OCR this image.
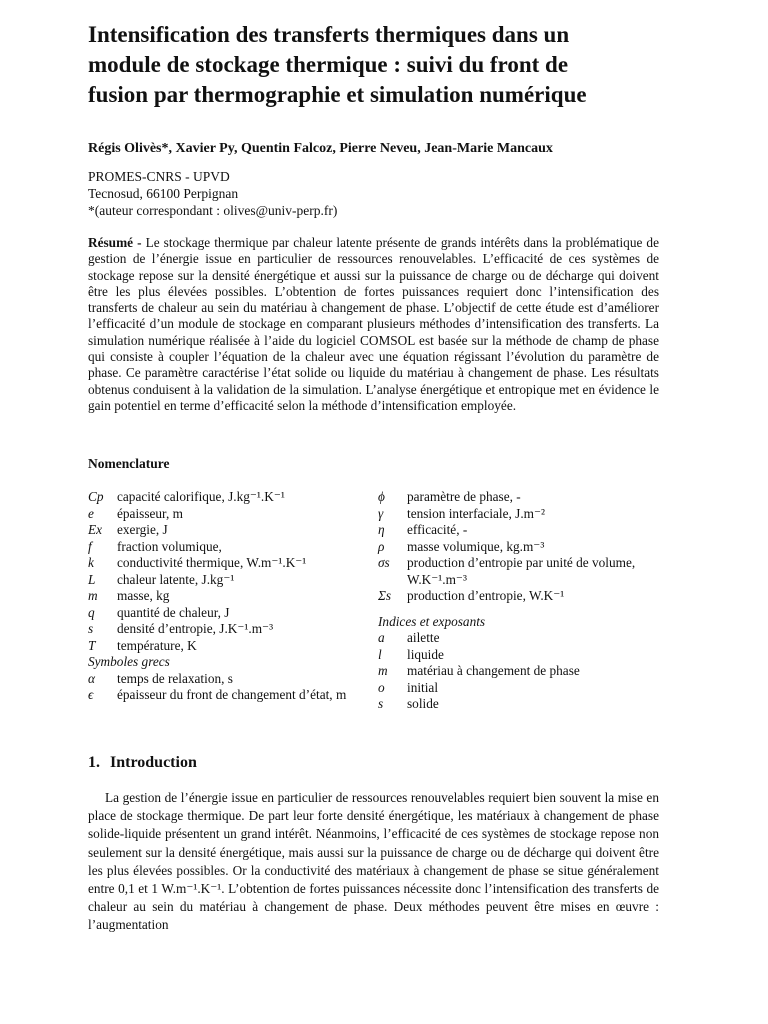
Intensification des transferts thermiques dans un
module de stockage thermique : suivi du front de
fusion par thermographie et simulation numérique
Régis Olivès*, Xavier Py, Quentin Falcoz, Pierre Neveu, Jean-Marie Mancaux
PROMES-CNRS - UPVD
Tecnosud, 66100 Perpignan
*(auteur correspondant : olives@univ-perp.fr)
Résumé - Le stockage thermique par chaleur latente présente de grands intérêts dans la problématique de gestion de l’énergie issue en particulier de ressources renouvelables. L’efficacité de ces systèmes de stockage repose sur la densité énergétique et aussi sur la puissance de charge ou de décharge qui doivent être les plus élevées possibles. L’obtention de fortes puissances requiert donc l’intensification des transferts de chaleur au sein du matériau à changement de phase. L’objectif de cette étude est d’améliorer l’efficacité d’un module de stockage en comparant plusieurs méthodes d’intensification des transferts. La simulation numérique réalisée à l’aide du logiciel COMSOL est basée sur la méthode de champ de phase qui consiste à coupler l’équation de la chaleur avec une équation régissant l’évolution du paramètre de phase. Ce paramètre caractérise l’état solide ou liquide du matériau à changement de phase. Les résultats obtenus conduisent à la validation de la simulation. L’analyse énergétique et entropique met en évidence le gain potentiel en terme d’efficacité selon la méthode d’intensification employée.
Nomenclature
Cp	capacité calorifique, J.kg⁻¹.K⁻¹
e	épaisseur, m
Ex	exergie, J
f	fraction volumique,
k	conductivité thermique, W.m⁻¹.K⁻¹
L	chaleur latente, J.kg⁻¹
m	masse, kg
q	quantité de chaleur, J
s	densité d’entropie, J.K⁻¹.m⁻³
T	température, K
Symboles grecs
α	temps de relaxation, s
ϵ	épaisseur du front de changement d’état, m
ϕ	paramètre de phase, -
γ	tension interfaciale, J.m⁻²
η	efficacité, -
ρ	masse volumique, kg.m⁻³
σs	production d’entropie par unité de volume, W.K⁻¹.m⁻³
Σs	production d’entropie, W.K⁻¹
Indices et exposants
a	ailette
l	liquide
m	matériau à changement de phase
o	initial
s	solide
1. Introduction
La gestion de l’énergie issue en particulier de ressources renouvelables requiert bien souvent la mise en place de stockage thermique. De part leur forte densité énergétique, les matériaux à changement de phase solide-liquide présentent un grand intérêt. Néanmoins, l’efficacité de ces systèmes de stockage repose non seulement sur la densité énergétique, mais aussi sur la puissance de charge ou de décharge qui doivent être les plus élevées possibles. Or la conductivité des matériaux à changement de phase se situe généralement entre 0,1 et 1 W.m⁻¹.K⁻¹. L’obtention de fortes puissances nécessite donc l’intensification des transferts de chaleur au sein du matériau à changement de phase. Deux méthodes peuvent être mises en œuvre : l’augmentation
